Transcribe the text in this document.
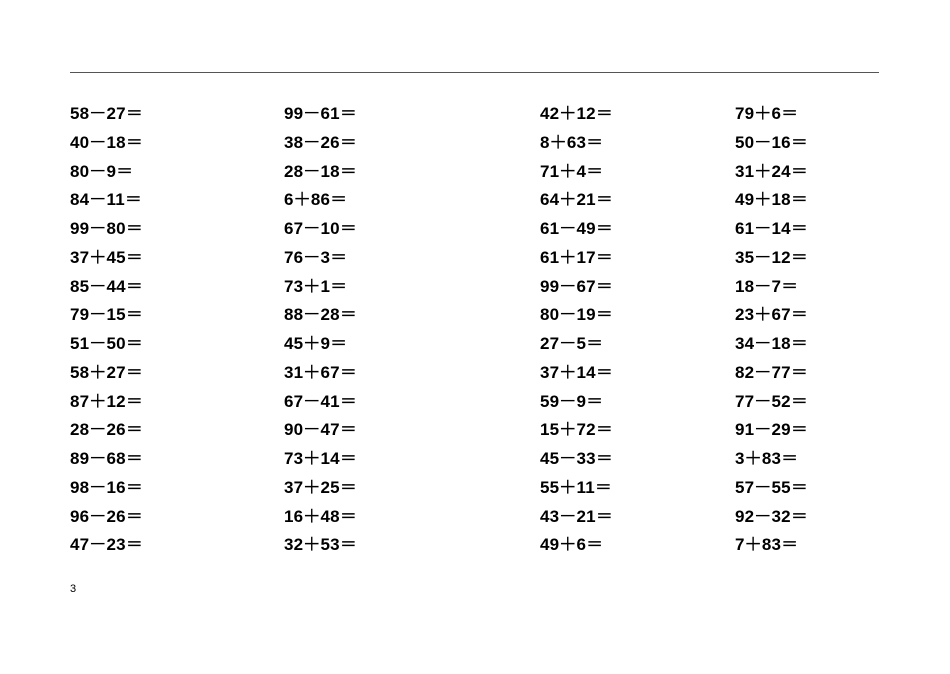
58－27＝
40－18＝
80－9＝
84－11＝
99－80＝
37＋45＝
85－44＝
79－15＝
51－50＝
58＋27＝
87＋12＝
28－26＝
89－68＝
98－16＝
96－26＝
47－23＝
99－61＝
38－26＝
28－18＝
6＋86＝
67－10＝
76－3＝
73＋1＝
88－28＝
45＋9＝
31＋67＝
67－41＝
90－47＝
73＋14＝
37＋25＝
16＋48＝
32＋53＝
42＋12＝
8＋63＝
71＋4＝
64＋21＝
61－49＝
61＋17＝
99－67＝
80－19＝
27－5＝
37＋14＝
59－9＝
15＋72＝
45－33＝
55＋11＝
43－21＝
49＋6＝
79＋6＝
50－16＝
31＋24＝
49＋18＝
61－14＝
35－12＝
18－7＝
23＋67＝
34－18＝
82－77＝
77－52＝
91－29＝
3＋83＝
57－55＝
92－32＝
7＋83＝
3
